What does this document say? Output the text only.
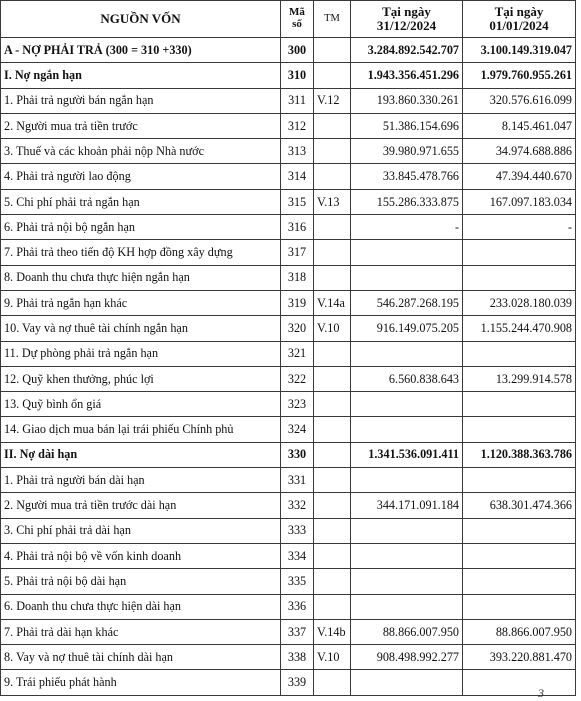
NGUỒN VỐN	Mã số	TM	Tại ngày 31/12/2024	Tại ngày 01/01/2024
A - NỢ PHẢI TRẢ (300 = 310 +330)	300		3.284.892.542.707	3.100.149.319.047
I. Nợ ngắn hạn	310		1.943.356.451.296	1.979.760.955.261
1. Phải trả người bán ngắn hạn	311	V.12	193.860.330.261	320.576.616.099
2. Người mua trả tiền trước	312		51.386.154.696	8.145.461.047
3. Thuế và các khoản phải nộp Nhà nước	313		39.980.971.655	34.974.688.886
4. Phải trả người lao động	314		33.845.478.766	47.394.440.670
5. Chi phí phải trả ngắn hạn	315	V.13	155.286.333.875	167.097.183.034
6. Phải trả nội bộ ngắn hạn	316		-	-
7. Phải trả theo tiến độ KH hợp đồng xây dựng	317			
8. Doanh thu chưa thực hiện ngắn hạn	318			
9. Phải trả ngắn hạn khác	319	V.14a	546.287.268.195	233.028.180.039
10. Vay và nợ thuê tài chính ngắn hạn	320	V.10	916.149.075.205	1.155.244.470.908
11. Dự phòng phải trả ngắn hạn	321			
12. Quỹ khen thưởng, phúc lợi	322		6.560.838.643	13.299.914.578
13. Quỹ bình ổn giá	323			
14. Giao dịch mua bán lại trái phiếu Chính phủ	324			
II. Nợ dài hạn	330		1.341.536.091.411	1.120.388.363.786
1. Phải trả người bán dài hạn	331			
2. Người mua trả tiền trước dài hạn	332		344.171.091.184	638.301.474.366
3. Chi phí phải trả dài hạn	333			
4. Phải trả nội bộ về vốn kinh doanh	334			
5. Phải trả nội bộ dài hạn	335			
6. Doanh thu chưa thực hiện dài hạn	336			
7. Phải trả dài hạn khác	337	V.14b	88.866.007.950	88.866.007.950
8. Vay và nợ thuê tài chính dài hạn	338	V.10	908.498.992.277	393.220.881.470
9. Trái phiếu phát hành	339			
3
